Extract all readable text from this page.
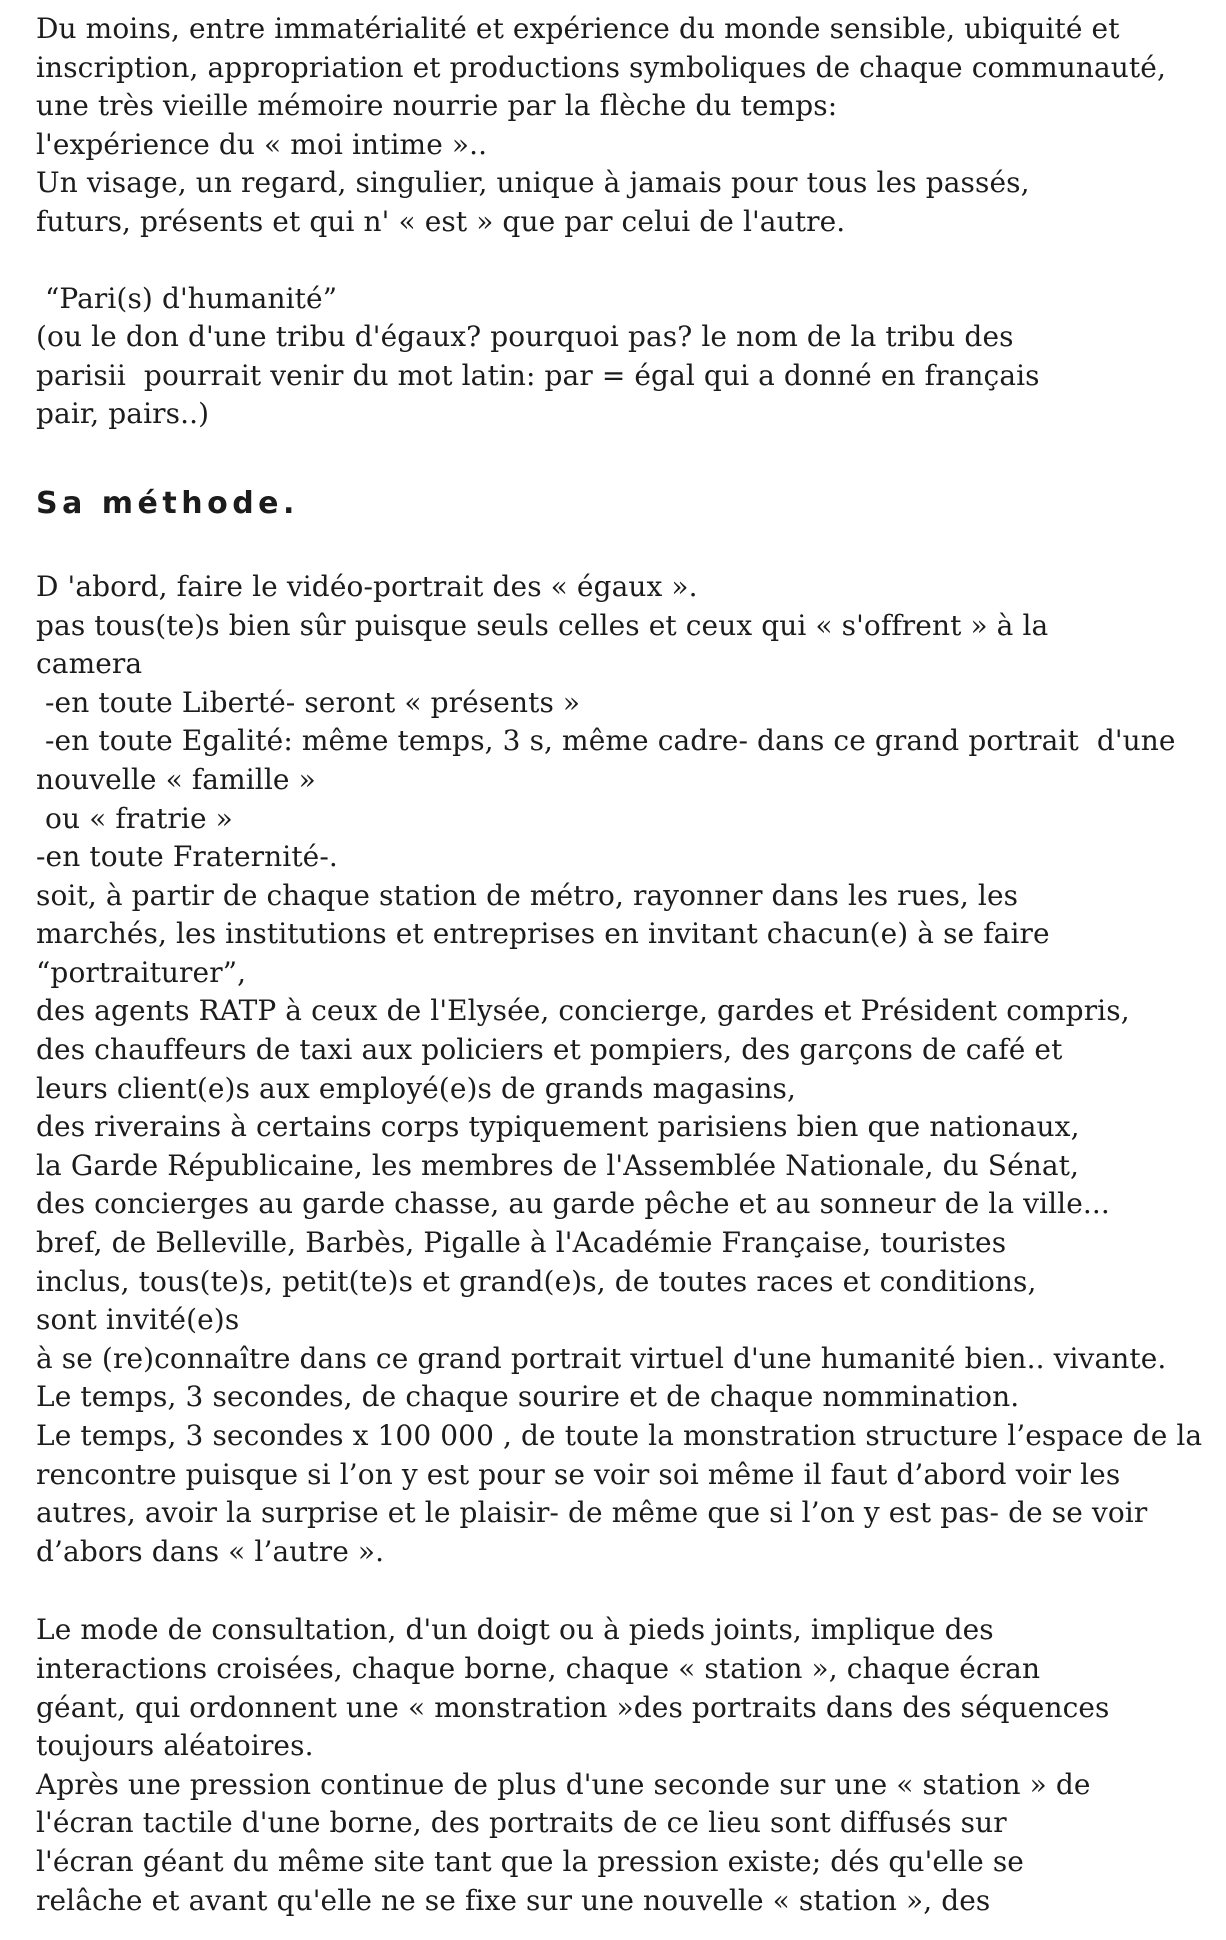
Du moins, entre immatérialité et expérience du monde sensible, ubiquité et
inscription, appropriation et productions symboliques de chaque communauté,
une très vieille mémoire nourrie par la flèche du temps:
l'expérience du « moi intime »..
Un visage, un regard, singulier, unique à jamais pour tous les passés,
futurs, présents et qui n' « est » que par celui de l'autre.
“Pari(s) d'humanité”
(ou le don d'une tribu d'égaux? pourquoi pas? le nom de la tribu des
parisii  pourrait venir du mot latin: par = égal qui a donné en français
pair, pairs..)
Sa méthode.
D 'abord, faire le vidéo-portrait des « égaux ».
pas tous(te)s bien sûr puisque seuls celles et ceux qui « s'offrent » à la
camera
-en toute Liberté- seront « présents »
-en toute Egalité: même temps, 3 s, même cadre- dans ce grand portrait  d'une
nouvelle « famille »
ou « fratrie »
-en toute Fraternité-.
soit, à partir de chaque station de métro, rayonner dans les rues, les
marchés, les institutions et entreprises en invitant chacun(e) à se faire
“portraiturer”,
des agents RATP à ceux de l'Elysée, concierge, gardes et Président compris,
des chauffeurs de taxi aux policiers et pompiers, des garçons de café et
leurs client(e)s aux employé(e)s de grands magasins,
des riverains à certains corps typiquement parisiens bien que nationaux,
la Garde Républicaine, les membres de l'Assemblée Nationale, du Sénat,
des concierges au garde chasse, au garde pêche et au sonneur de la ville...
bref, de Belleville, Barbès, Pigalle à l'Académie Française, touristes
inclus, tous(te)s, petit(te)s et grand(e)s, de toutes races et conditions,
sont invité(e)s
à se (re)connaître dans ce grand portrait virtuel d'une humanité bien.. vivante.
Le temps, 3 secondes, de chaque sourire et de chaque nommination.
Le temps, 3 secondes x 100 000 , de toute la monstration structure l’espace de la
rencontre puisque si l’on y est pour se voir soi même il faut d’abord voir les
autres, avoir la surprise et le plaisir- de même que si l’on y est pas- de se voir
d’abors dans « l’autre ».
Le mode de consultation, d'un doigt ou à pieds joints, implique des
interactions croisées, chaque borne, chaque « station », chaque écran
géant, qui ordonnent une « monstration »des portraits dans des séquences
toujours aléatoires.
Après une pression continue de plus d'une seconde sur une « station » de
l'écran tactile d'une borne, des portraits de ce lieu sont diffusés sur
l'écran géant du même site tant que la pression existe; dés qu'elle se
relâche et avant qu'elle ne se fixe sur une nouvelle « station », des
